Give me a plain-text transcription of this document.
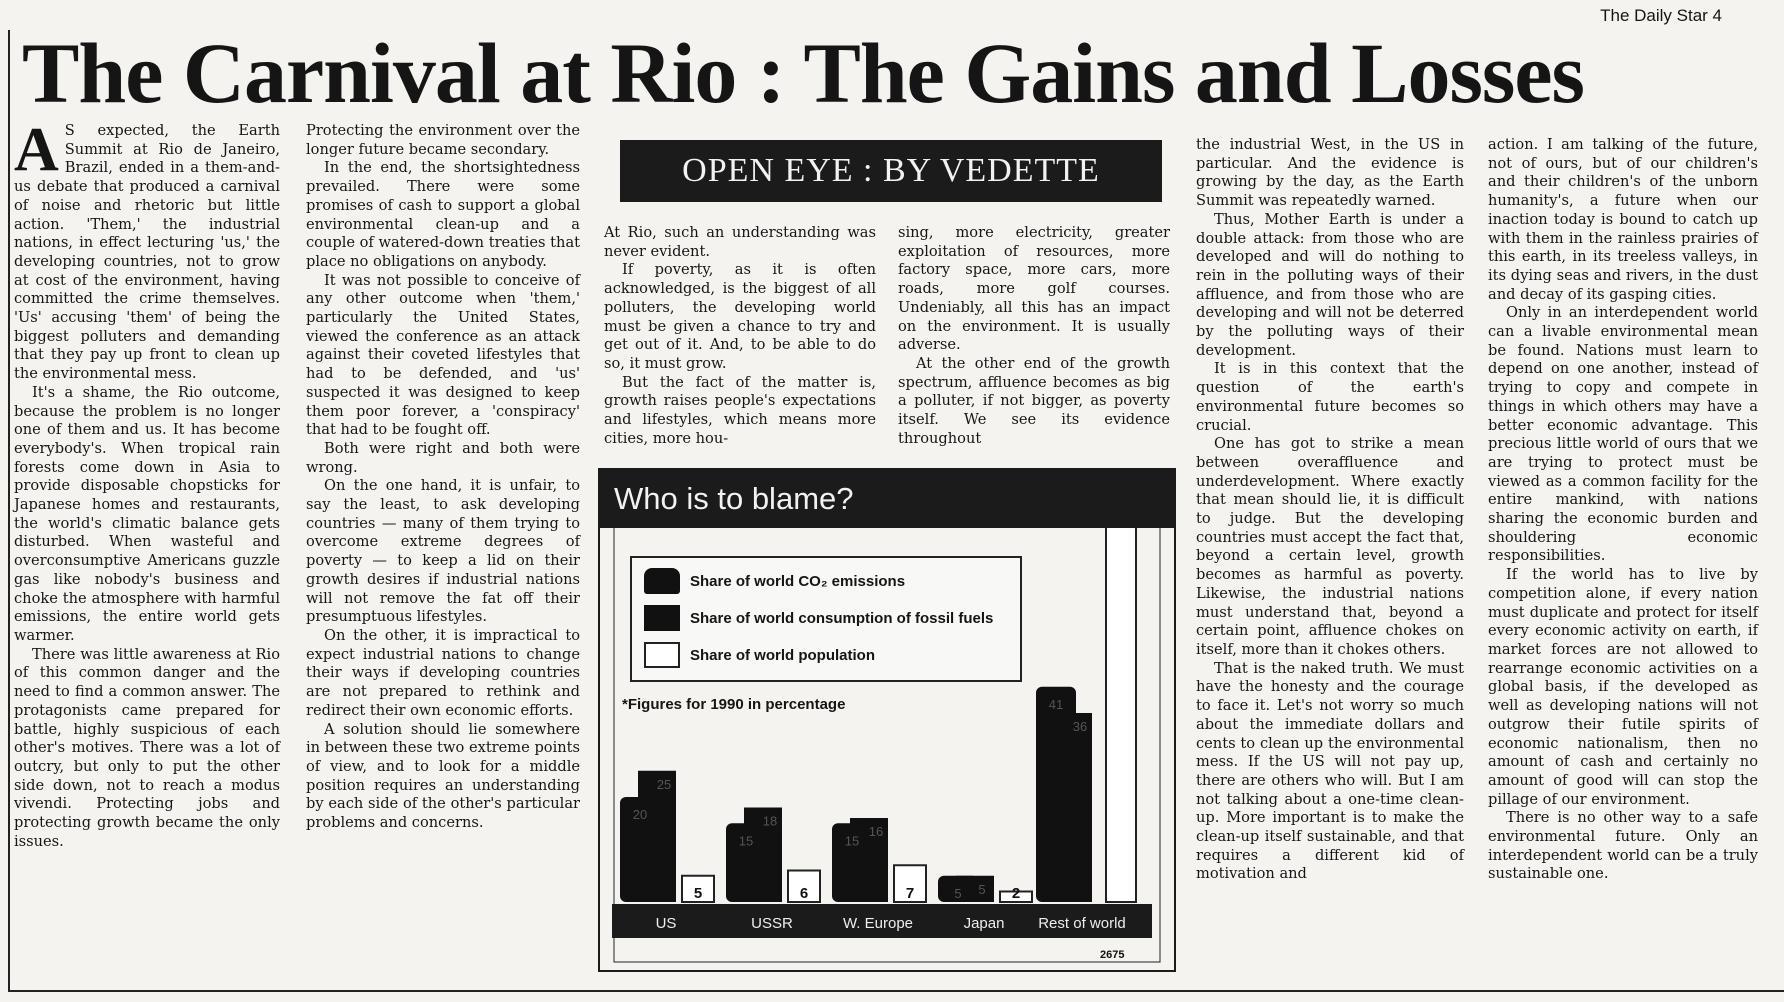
The Daily Star 4
The Carnival at Rio : The Gains and Losses

A S expected, the Earth Summit at Rio de Janeiro, Brazil, ended in a them-and-us debate that produced a carnival of noise and rhetoric but little action. 'Them,' the industrial nations, in effect lecturing 'us,' the developing countries, not to grow at cost of the environment, having committed the crime themselves. 'Us' accusing 'them' of being the biggest polluters and demanding that they pay up front to clean up the environmental mess.

It's a shame, the Rio outcome, because the problem is no longer one of them and us. It has become everybody's. When tropical rain forests come down in Asia to provide disposable chopsticks for Japanese homes and restaurants, the world's climatic balance gets disturbed. When wasteful and overconsumptive Americans guzzle gas like nobody's business and choke the atmosphere with harmful emissions, the entire world gets warmer.

There was little awareness at Rio of this common danger and the need to find a common answer. The protagonists came prepared for battle, highly suspicious of each other's motives. There was a lot of outcry, but only to put the other side down, not to reach a modus vivendi. Protecting jobs and protecting growth became the only issues.

Protecting the environment over the longer future became secondary.

In the end, the shortsightedness prevailed. There were some promises of cash to support a global environmental clean-up and a couple of watered-down treaties that place no obligations on anybody.

It was not possible to conceive of any other outcome when 'them,' particularly the United States, viewed the conference as an attack against their coveted lifestyles that had to be defended, and 'us' suspected it was designed to keep them poor forever, a 'conspiracy' that had to be fought off.

Both were right and both were wrong.

On the one hand, it is unfair, to say the least, to ask developing countries — many of them trying to overcome extreme degrees of poverty — to keep a lid on their growth desires if industrial nations will not remove the fat off their presumptuous lifestyles.

On the other, it is impractical to expect industrial nations to change their ways if developing countries are not prepared to rethink and redirect their own economic efforts.

A solution should lie somewhere in between these two extreme points of view, and to look for a middle position requires an understanding by each side of the other's particular problems and concerns.

OPEN EYE : BY VEDETTE

At Rio, such an understanding was never evident.

If poverty, as it is often acknowledged, is the biggest of all polluters, the developing world must be given a chance to try and get out of it. And, to be able to do so, it must grow.

But the fact of the matter is, growth raises people's expectations and lifestyles, which means more cities, more hou-

sing, more electricity, greater exploitation of resources, more factory space, more cars, more roads, more golf courses. Undeniably, all this has an impact on the environment. It is usually adverse.

At the other end of the growth spectrum, affluence becomes as big a polluter, if not bigger, as poverty itself. We see its evidence throughout

the industrial West, in the US in particular. And the evidence is growing by the day, as the Earth Summit was repeatedly warned.

Thus, Mother Earth is under a double attack: from those who are developed and will do nothing to rein in the polluting ways of their affluence, and from those who are developing and will not be deterred by the polluting ways of their development.

It is in this context that the question of the earth's environmental future becomes so crucial.

One has got to strike a mean between overaffluence and underdevelopment. Where exactly that mean should lie, it is difficult to judge. But the developing countries must accept the fact that, beyond a certain level, growth becomes as harmful as poverty. Likewise, the industrial nations must understand that, beyond a certain point, affluence chokes on itself, more than it chokes others.

That is the naked truth. We must have the honesty and the courage to face it. Let's not worry so much about the immediate dollars and cents to clean up the environmental mess. If the US will not pay up, there are others who will. But I am not talking about a one-time clean-up. More important is to make the clean-up itself sustainable, and that requires a different kid of motivation and

action. I am talking of the future, not of ours, but of our children's and their children's of the unborn humanity's, a future when our inaction today is bound to catch up with them in the rainless prairies of this earth, in its treeless valleys, in its dying seas and rivers, in the dust and decay of its gasping cities.

Only in an interdependent world can a livable environmental mean be found. Nations must learn to depend on one another, instead of trying to copy and compete in things in which others may have a better economic advantage. This precious little world of ours that we are trying to protect must be viewed as a common facility for the entire mankind, with nations sharing the economic burden and shouldering economic responsibilities.

If the world has to live by competition alone, if every nation must duplicate and protect for itself every economic activity on earth, if market forces are not allowed to rearrange economic activities on a global basis, if the developed as well as developing nations will not outgrow their futile spirits of economic nationalism, then no amount of cash and certainly no amount of good will can stop the pillage of our environment.

There is no other way to a safe environmental future. Only an interdependent world can be a truly sustainable one.

20
25
5
US
15
18
6
USSR
15
16
7
W. Europe
5 5 2
Japan
41
36
Rest of world
2675
Who is to blame?
Share of world CO₂ emissions
Share of world consumption of fossil fuels
Share of world population
*Figures for 1990 in percentage
